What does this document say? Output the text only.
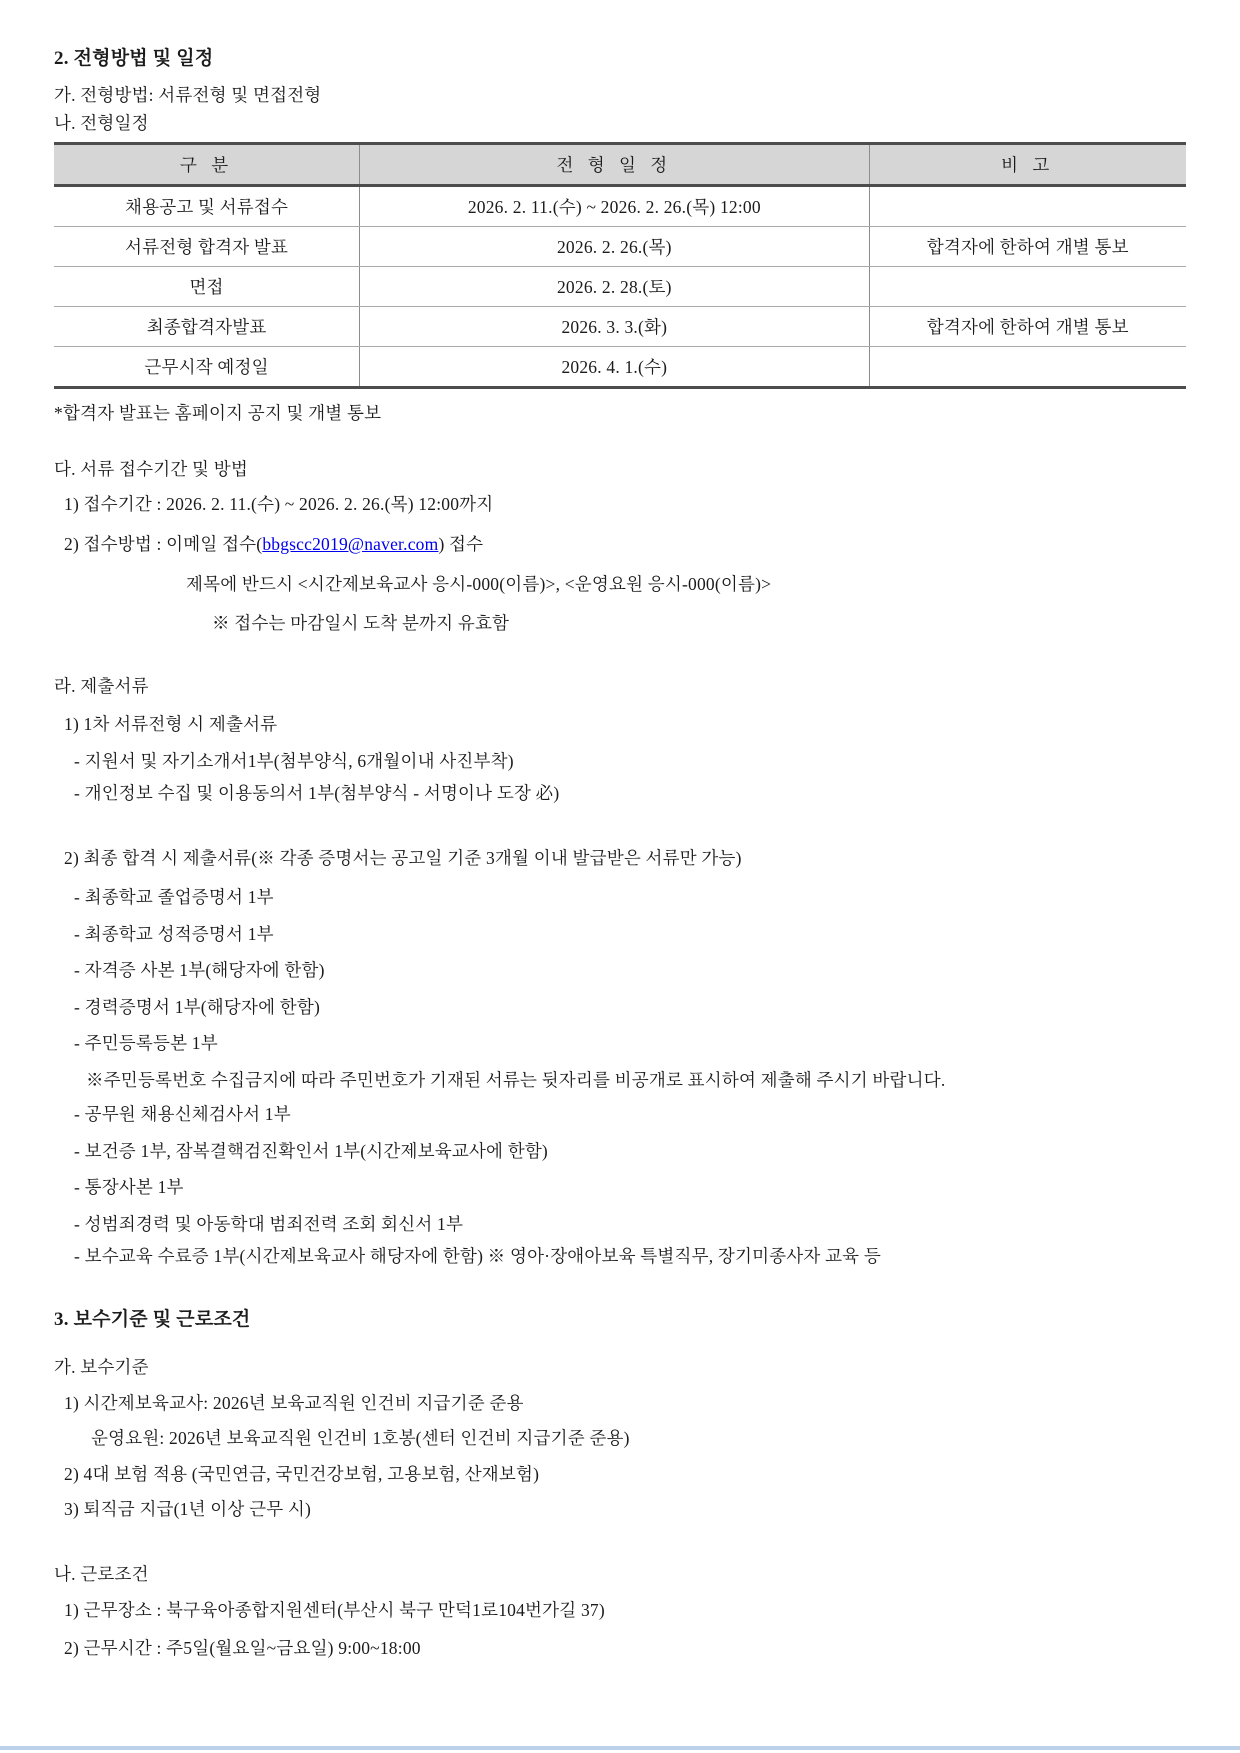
2. 전형방법 및 일정

가. 전형방법: 서류전형 및 면접전형

나. 전형일정

구 분	전 형 일 정	비 고
채용공고 및 서류접수	2026. 2. 11.(수) ~ 2026. 2. 26.(목) 12:00	
서류전형 합격자 발표	2026. 2. 26.(목)	합격자에 한하여 개별 통보
면접	2026. 2. 28.(토)	
최종합격자발표	2026. 3. 3.(화)	합격자에 한하여 개별 통보
근무시작 예정일	2026. 4. 1.(수)	

*합격자 발표는 홈페이지 공지 및 개별 통보

다. 서류 접수기간 및 방법

1) 접수기간 : 2026. 2. 11.(수) ~ 2026. 2. 26.(목) 12:00까지

2) 접수방법 : 이메일 접수(bbgscc2019@naver.com) 접수

제목에 반드시 <시간제보육교사 응시-000(이름)>, <운영요원 응시-000(이름)>

※ 접수는 마감일시 도착 분까지 유효함

라. 제출서류

1) 1차 서류전형 시 제출서류

- 지원서 및 자기소개서1부(첨부양식, 6개월이내 사진부착)

- 개인정보 수집 및 이용동의서 1부(첨부양식 - 서명이나 도장 必)

2) 최종 합격 시 제출서류(※ 각종 증명서는 공고일 기준 3개월 이내 발급받은 서류만 가능)

- 최종학교 졸업증명서 1부

- 최종학교 성적증명서 1부

- 자격증 사본 1부(해당자에 한함)

- 경력증명서 1부(해당자에 한함)

- 주민등록등본 1부

※주민등록번호 수집금지에 따라 주민번호가 기재된 서류는 뒷자리를 비공개로 표시하여 제출해 주시기 바랍니다.

- 공무원 채용신체검사서 1부

- 보건증 1부, 잠복결핵검진확인서 1부(시간제보육교사에 한함)

- 통장사본 1부

- 성범죄경력 및 아동학대 범죄전력 조회 회신서 1부

- 보수교육 수료증 1부(시간제보육교사 해당자에 한함) ※ 영아·장애아보육 특별직무, 장기미종사자 교육 등

3. 보수기준 및 근로조건

가. 보수기준

1) 시간제보육교사: 2026년 보육교직원 인건비 지급기준 준용

운영요원: 2026년 보육교직원 인건비 1호봉(센터 인건비 지급기준 준용)

2) 4대 보험 적용 (국민연금, 국민건강보험, 고용보험, 산재보험)

3) 퇴직금 지급(1년 이상 근무 시)

나. 근로조건

1) 근무장소 : 북구육아종합지원센터(부산시 북구 만덕1로104번가길 37)

2) 근무시간 : 주5일(월요일~금요일) 9:00~18:00
